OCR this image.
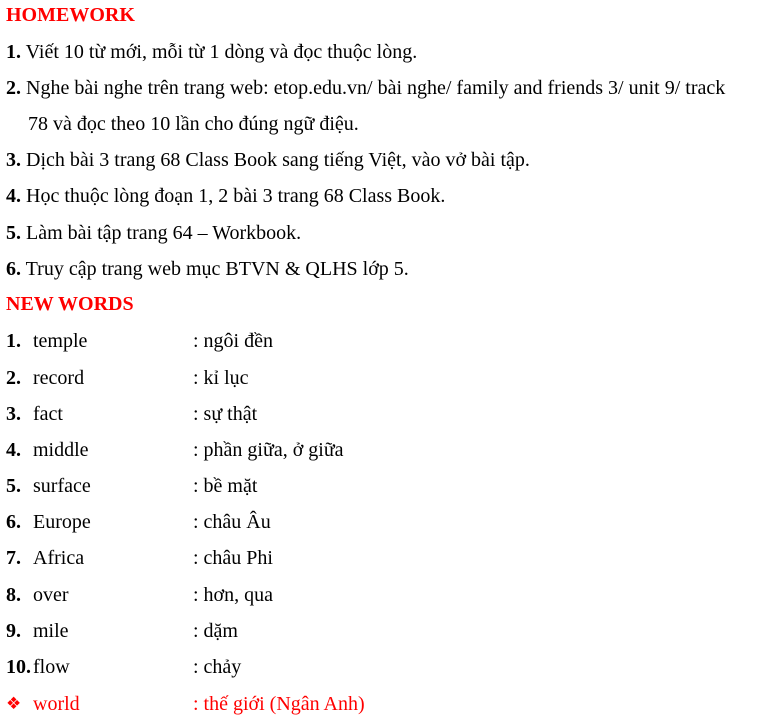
HOMEWORK
1. Viết 10 từ mới, mỗi từ 1 dòng và đọc thuộc lòng.
2. Nghe bài nghe trên trang web: etop.edu.vn/ bài nghe/ family and friends 3/ unit 9/ track
78 và đọc theo 10 lần cho đúng ngữ điệu.
3. Dịch bài 3 trang 68 Class Book sang tiếng Việt, vào vở bài tập.
4. Học thuộc lòng đoạn 1, 2 bài 3 trang 68 Class Book.
5. Làm bài tập trang 64 – Workbook.
6. Truy cập trang web mục BTVN & QLHS lớp 5.
NEW WORDS
1. temple	: ngôi đền
2. record	: kỉ lục
3. fact	: sự thật
4. middle	: phần giữa, ở giữa
5. surface	: bề mặt
6. Europe	: châu Âu
7. Africa	: châu Phi
8. over	: hơn, qua
9. mile	: dặm
10. flow	: chảy
❖ world	: thế giới (Ngân Anh)
